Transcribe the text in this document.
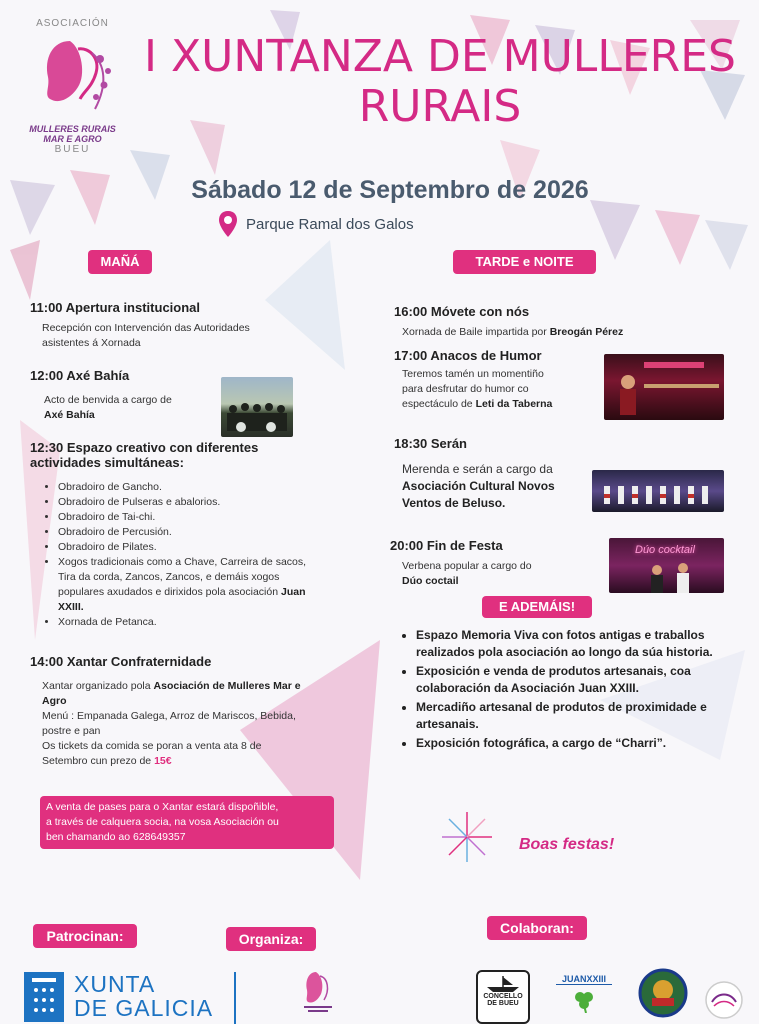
ASOCIACIÓN
MULLERES RURAIS
MAR E AGRO
BUEU
I XUNTANZA DE MULLERES
RURAIS
Sábado 12 de Septembro de 2026
Parque Ramal dos Galos
MAÑÁ	TARDE e NOITE
11:00 Apertura institucional
Recepción con Intervención das Autoridades
asistentes á Xornada
12:00 Axé Bahía
Acto de benvida a cargo de
Axé Bahía
12:30 Espazo creativo con diferentes
actividades simultáneas:
• Obradoiro de Gancho.
• Obradoiro de Pulseras e abalorios.
• Obradoiro de Tai-chi.
• Obradoiro de Percusión.
• Obradoiro de Pilates.
• Xogos tradicionais como a Chave, Carreira de sacos,
Tira da corda, Zancos, Zancos, e demáis xogos
populares axudados e dirixidos pola asociación Juan
XXIII.
• Xornada de Petanca.
14:00 Xantar Confraternidade
Xantar organizado pola Asociación de Mulleres Mar e
Agro
Menú : Empanada Galega, Arroz de Mariscos, Bebida,
postre e pan
Os tickets da comida se poran a venta ata 8 de
Setembro cun prezo de 15€
A venta de pases para o Xantar estará dispoñible,
a través de calquera socia, na vosa Asociación ou
ben chamando ao 628649357
16:00 Móvete con nós
Xornada de Baile impartida por Breogán Pérez
17:00 Anacos de Humor
Teremos tamén un momentiño
para desfrutar do humor co
espectáculo de Leti da Taberna
18:30 Serán
Merenda e serán a cargo da
Asociación Cultural Novos
Ventos de Beluso.
20:00 Fin de Festa
Verbena popular a cargo do
Dúo coctail
Dúo cocktail
E ADEMÁIS!
• Espazo Memoria Viva con fotos antigas e traballos realizados pola asociación ao longo da súa historia.
• Exposición e venda de produtos artesanais, coa colaboración da Asociación Juan XXIII.
• Mercadiño artesanal de produtos de proximidade e artesanais.
• Exposición fotográfica, a cargo de “Charri”.
Boas festas!
Patrocinan:	Organiza:
Colaboran:
XUNTA
DE GALICIA	CONCELLO
DE BUEU
JUANXXIII
